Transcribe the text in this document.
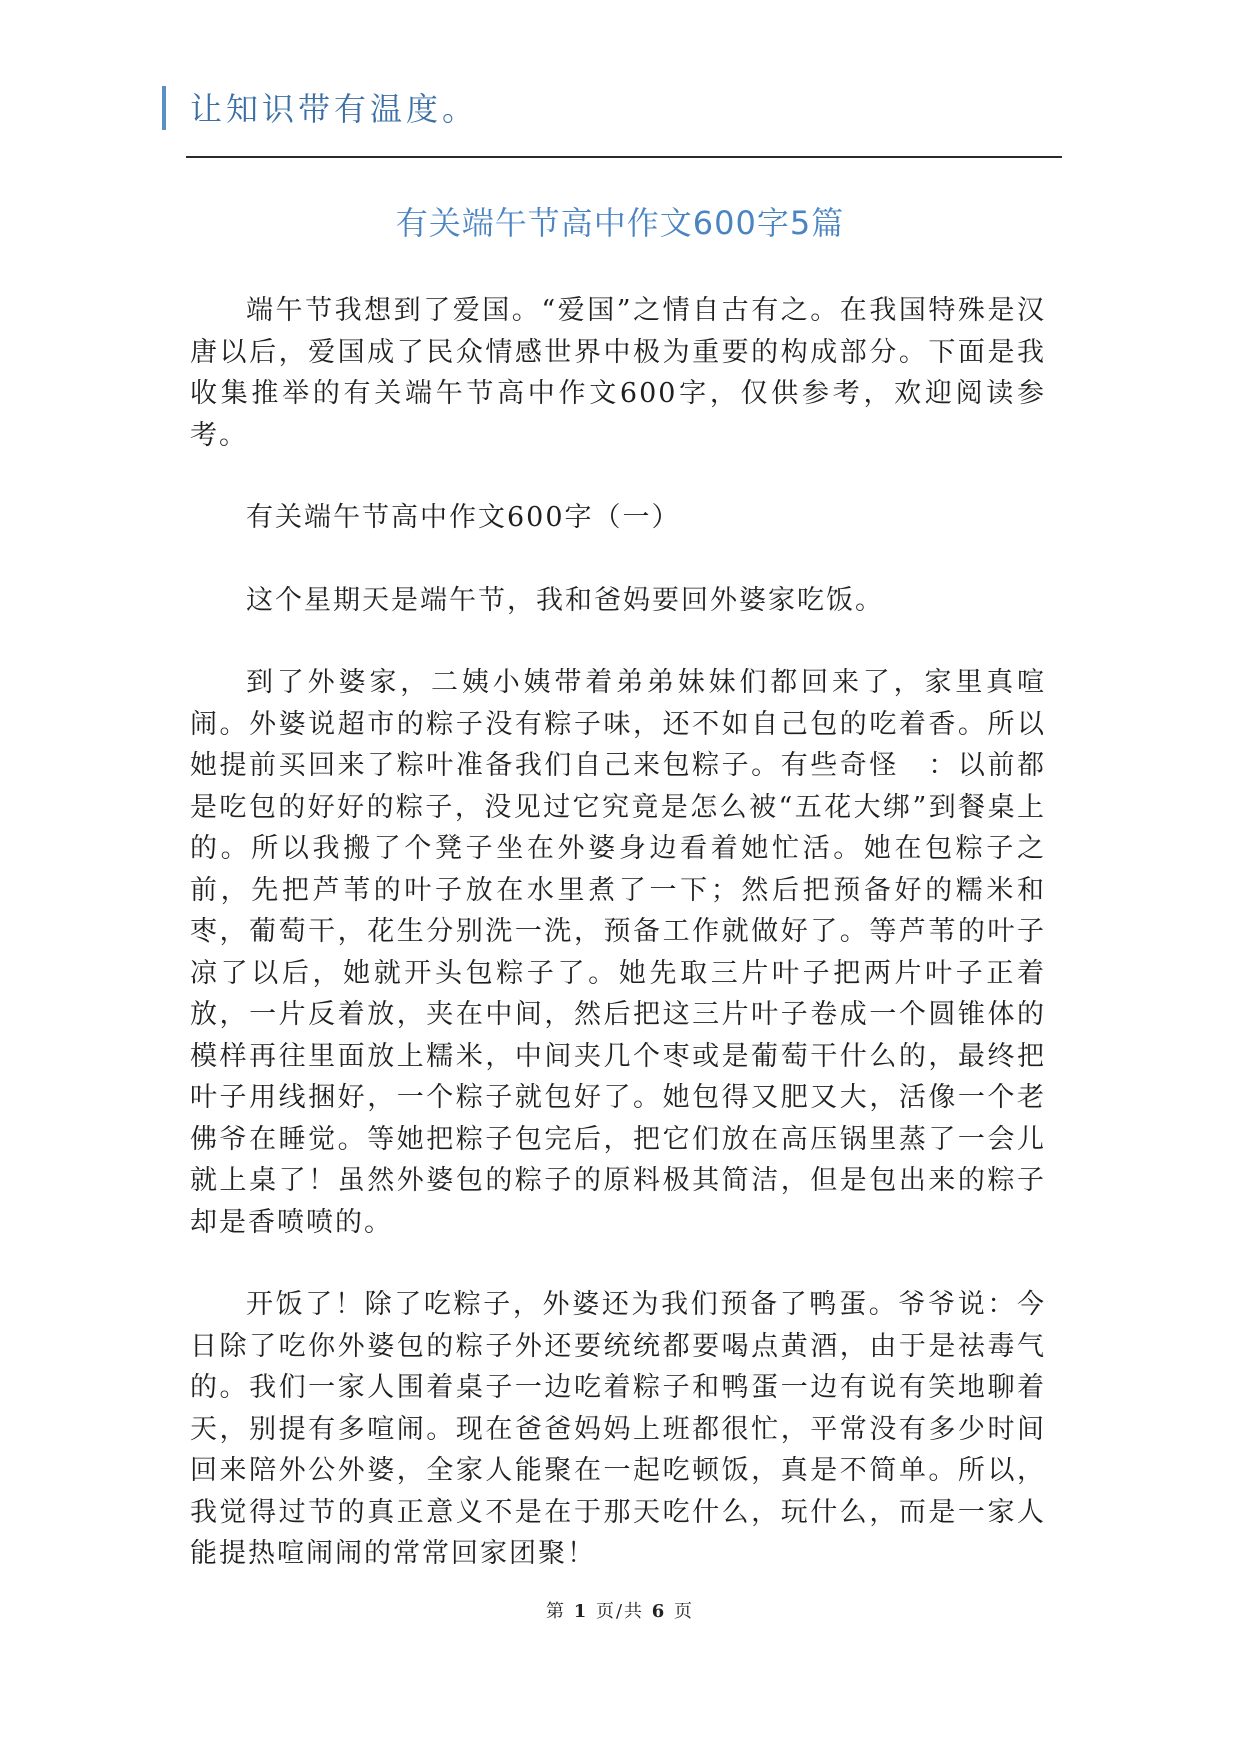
让知识带有温度。
有关端午节高中作文600字5篇

端午节我想到了爱国。“爱国”之情自古有之。在我国特殊是汉唐以后，爱国成了民众情感世界中极为重要的构成部分。下面是我收集推举的有关端午节高中作文600字，仅供参考，欢迎阅读参考。

有关端午节高中作文600字（一）

这个星期天是端午节，我和爸妈要回外婆家吃饭。

到了外婆家，二姨小姨带着弟弟妹妹们都回来了，家里真喧闹。外婆说超市的粽子没有粽子味，还不如自己包的吃着香。所以她提前买回来了粽叶准备我们自己来包粽子。有些奇怪　：以前都是吃包的好好的粽子，没见过它究竟是怎么被“五花大绑”到餐桌上的。所以我搬了个凳子坐在外婆身边看着她忙活。她在包粽子之前，先把芦苇的叶子放在水里煮了一下；然后把预备好的糯米和枣，葡萄干，花生分别洗一洗，预备工作就做好了。等芦苇的叶子凉了以后，她就开头包粽子了。她先取三片叶子把两片叶子正着放，一片反着放，夹在中间，然后把这三片叶子卷成一个圆锥体的模样再往里面放上糯米，中间夹几个枣或是葡萄干什么的，最终把叶子用线捆好，一个粽子就包好了。她包得又肥又大，活像一个老佛爷在睡觉。等她把粽子包完后，把它们放在高压锅里蒸了一会儿就上桌了！虽然外婆包的粽子的原料极其简洁，但是包出来的粽子却是香喷喷的。

开饭了！除了吃粽子，外婆还为我们预备了鸭蛋。爷爷说：今日除了吃你外婆包的粽子外还要统统都要喝点黄酒，由于是祛毒气的。我们一家人围着桌子一边吃着粽子和鸭蛋一边有说有笑地聊着天，别提有多喧闹。现在爸爸妈妈上班都很忙，平常没有多少时间回来陪外公外婆，全家人能聚在一起吃顿饭，真是不简单。所以，我觉得过节的真正意义不是在于那天吃什么，玩什么，而是一家人能提热喧闹闹的常常回家团聚！

第 1 页/共 6 页
